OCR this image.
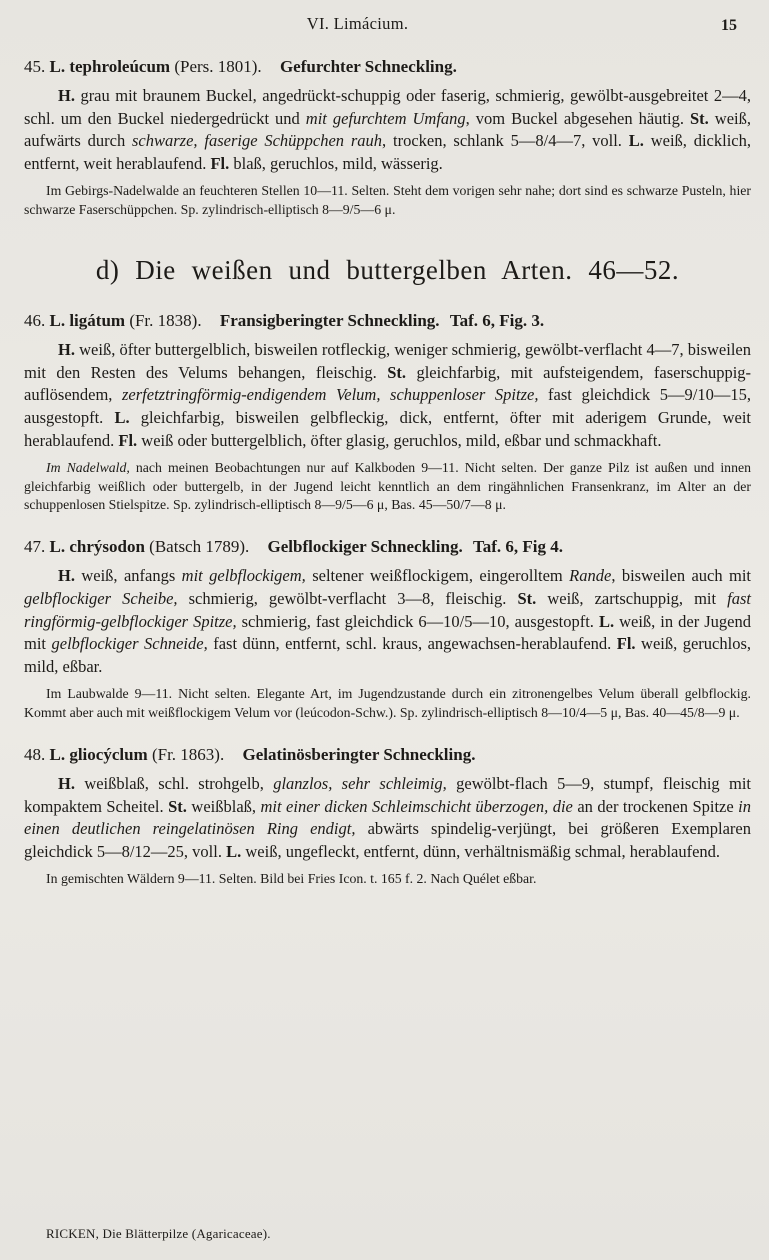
VI. Limácium.	15
45. L. tephroleúcum (Pers. 1801). Gefurchter Schneckling.

H. grau mit braunem Buckel, angedrückt-schuppig oder faserig, schmierig, gewölbt-ausgebreitet 2—4, schl. um den Buckel niedergedrückt und mit gefurchtem Umfang, vom Buckel abgesehen häutig. St. weiß, aufwärts durch schwarze, faserige Schüppchen rauh, trocken, schlank 5—8/4—7, voll. L. weiß, dicklich, entfernt, weit herablaufend. Fl. blaß, geruchlos, mild, wässerig.

Im Gebirgs-Nadelwalde an feuchteren Stellen 10—11. Selten. Steht dem vorigen sehr nahe; dort sind es schwarze Pusteln, hier schwarze Faserschüppchen. Sp. zylindrisch-elliptisch 8—9/5—6 μ.

d) Die weißen und buttergelben Arten. 46—52.
46. L. ligátum (Fr. 1838). Fransigberingter Schneckling. Taf. 6, Fig. 3.

H. weiß, öfter buttergelblich, bisweilen rotfleckig, weniger schmierig, gewölbt-verflacht 4—7, bisweilen mit den Resten des Velums behangen, fleischig. St. gleichfarbig, mit aufsteigendem, faserschuppig-auflösendem, zerfetztringförmig-endigendem Velum, schuppenloser Spitze, fast gleichdick 5—9/10—15, ausgestopft. L. gleichfarbig, bisweilen gelbfleckig, dick, entfernt, öfter mit aderigem Grunde, weit herablaufend. Fl. weiß oder buttergelblich, öfter glasig, geruchlos, mild, eßbar und schmackhaft.

Im Nadelwald, nach meinen Beobachtungen nur auf Kalkboden 9—11. Nicht selten. Der ganze Pilz ist außen und innen gleichfarbig weißlich oder buttergelb, in der Jugend leicht kenntlich an dem ringähnlichen Fransenkranz, im Alter an der schuppenlosen Stielspitze. Sp. zylindrisch-elliptisch 8—9/5—6 μ, Bas. 45—50/7—8 μ.

47. L. chrýsodon (Batsch 1789). Gelbflockiger Schneckling. Taf. 6, Fig 4.

H. weiß, anfangs mit gelbflockigem, seltener weißflockigem, eingerolltem Rande, bisweilen auch mit gelbflockiger Scheibe, schmierig, gewölbt-verflacht 3—8, fleischig. St. weiß, zartschuppig, mit fast ringförmig-gelbflockiger Spitze, schmierig, fast gleichdick 6—10/5—10, ausgestopft. L. weiß, in der Jugend mit gelbflockiger Schneide, fast dünn, entfernt, schl. kraus, angewachsen-herablaufend. Fl. weiß, geruchlos, mild, eßbar.

Im Laubwalde 9—11. Nicht selten. Elegante Art, im Jugendzustande durch ein zitronengelbes Velum überall gelbflockig. Kommt aber auch mit weißflockigem Velum vor (leúcodon-Schw.). Sp. zylindrisch-elliptisch 8—10/4—5 μ, Bas. 40—45/8—9 μ.

48. L. gliocýclum (Fr. 1863). Gelatinösberingter Schneckling.

H. weißblaß, schl. strohgelb, glanzlos, sehr schleimig, gewölbt-flach 5—9, stumpf, fleischig mit kompaktem Scheitel. St. weißblaß, mit einer dicken Schleimschicht überzogen, die an der trockenen Spitze in einen deutlichen reingelatinösen Ring endigt, abwärts spindelig-verjüngt, bei größeren Exemplaren gleichdick 5—8/12—25, voll. L. weiß, ungefleckt, entfernt, dünn, verhältnismäßig schmal, herablaufend.

In gemischten Wäldern 9—11. Selten. Bild bei Fries Icon. t. 165 f. 2. Nach Quélet eßbar.

RICKEN, Die Blätterpilze (Agaricaceae).
